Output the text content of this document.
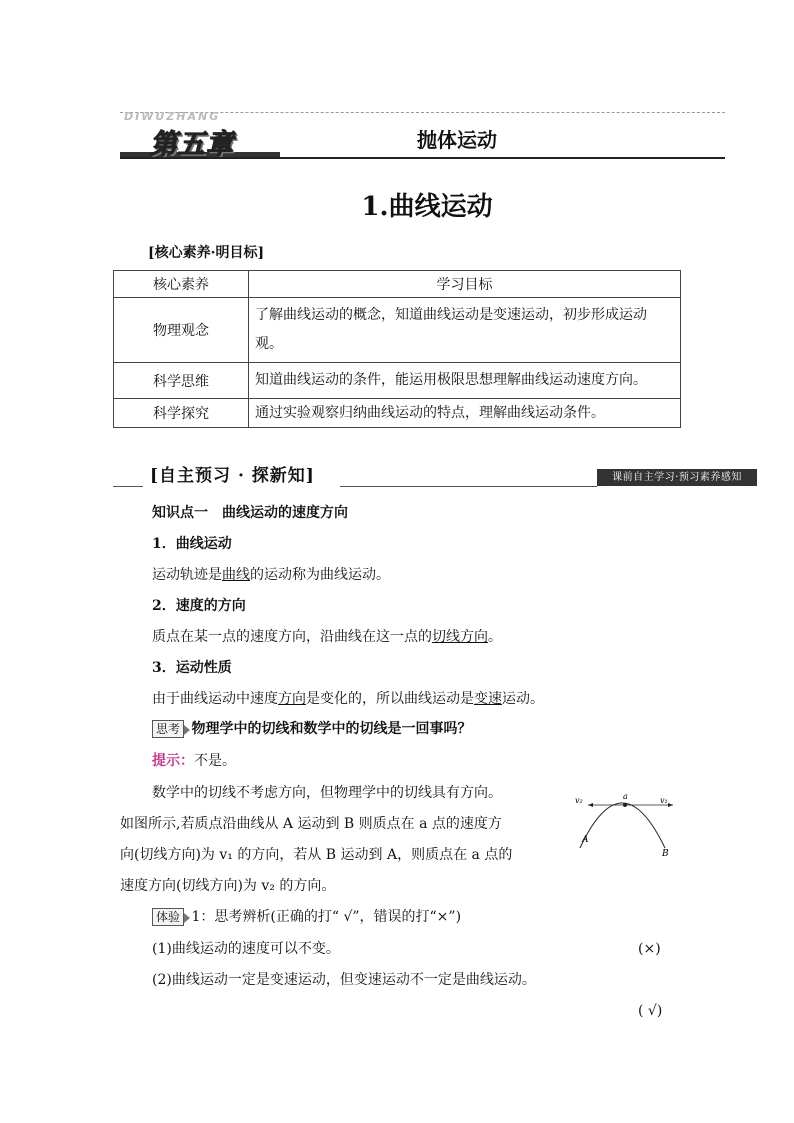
DIWUZHANG
第五章	抛体运动
1.曲线运动
[核心素养·明目标]
核心素养	学习目标
物理观念	了解曲线运动的概念，知道曲线运动是变速运动，初步形成运动观。
科学思维	知道曲线运动的条件，能运用极限思想理解曲线运动速度方向。
科学探究	通过实验观察归纳曲线运动的特点，理解曲线运动条件。
[自主预习 · 探新知]	课前自主学习·预习素养感知
知识点一　曲线运动的速度方向
1．曲线运动
运动轨迹是曲线的运动称为曲线运动。
2．速度的方向
质点在某一点的速度方向，沿曲线在这一点的切线方向。
3．运动性质
由于曲线运动中速度方向是变化的，所以曲线运动是变速运动。
思考 物理学中的切线和数学中的切线是一回事吗？
提示：不是。
数学中的切线不考虑方向，但物理学中的切线具有方向。
如图所示,若质点沿曲线从 A 运动到 B 则质点在 a 点的速度方
向(切线方向)为 v₁ 的方向，若从 B 运动到 A，则质点在 a 点的
速度方向(切线方向)为 v₂ 的方向。
v₂	a	v₁
A
B
体验 1：思考辨析(正确的打“ √”，错误的打“×”)
(1)曲线运动的速度可以不变。	(×)
(2)曲线运动一定是变速运动，但变速运动不一定是曲线运动。
( √)
